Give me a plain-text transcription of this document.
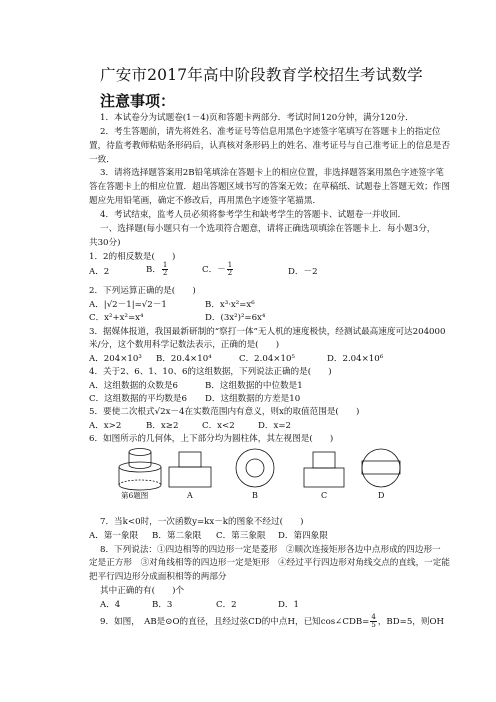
广安市2017年高中阶段教育学校招生考试数学
注意事项：
1．本试卷分为试题卷(1－4)页和答题卡两部分．考试时间120分钟，满分120分．
2．考生答题前，请先将姓名、准考证号等信息用黑色字迹签字笔填写在答题卡上的指定位
置，待监考教师粘贴条形码后，认真核对条形码上的姓名、准考证号与自己准考证上的信息是否
一致．
3．请将选择题答案用2B铅笔填涂在答题卡上的相应位置，非选择题答案用黑色字迹签字笔
答在答题卡上的相应位置．超出答题区域书写的答案无效；在草稿纸、试题卷上答题无效；作图
题应先用铅笔画，确定不修改后，再用黑色字迹签字笔描黑．
4．考试结束，监考人员必须将参考学生和缺考学生的答题卡、试题卷一并收回．
一、选择题(每小题只有一个选项符合题意，请将正确选项填涂在答题卡上．每小题3分，
共30分)
1．2的相反数是(　　)
A．2	B． $\frac{1}{2}$	C．－ $\frac{1}{2}$	D．－2
2．下列运算正确的是(　　)
A．|√2－1|=√2－1	B．x³·x²=x⁶
C．x²+x²=x⁴	D．(3x²)²=6x⁴
3．据媒体报道，我国最新研制的“察打一体”无人机的速度极快，经测试最高速度可达204000
米/分，这个数用科学记数法表示，正确的是(　　)
A．204×10³ B．20.4×10⁴	C．2.04×10⁵	D．2.04×10⁶
4．关于2、6、1、10、6的这组数据，下列说法正确的是(　　)
A．这组数据的众数是6	B．这组数据的中位数是1
C．这组数据的平均数是6 D．这组数据的方差是10
5．要使二次根式√2x－4在实数范围内有意义，则x的取值范围是(　　)
A．x>2	B．x≥2	C．x<2	D．x=2
6．如图所示的几何体，上下部分均为圆柱体，其左视图是(　　)
第6题图	A	B	C	D
7．当k<0时，一次函数y=kx－k的图象不经过(　　)
A．第一象限 B．第二象限 C．第三象限 D．第四象限
8．下列说法：①四边相等的四边形一定是菱形　②顺次连接矩形各边中点形成的四边形一
定是正方形　③对角线相等的四边形一定是矩形　④经过平行四边形对角线交点的直线，一定能
把平行四边形分成面积相等的两部分
其中正确的有(　　)个
A．4	B．3	C．2	D．1
9．如图，　AB是⊙O的直径，且经过弦CD的中点H，已知cos∠CDB= $\frac{4}{5}$ ，BD=5，则OH
